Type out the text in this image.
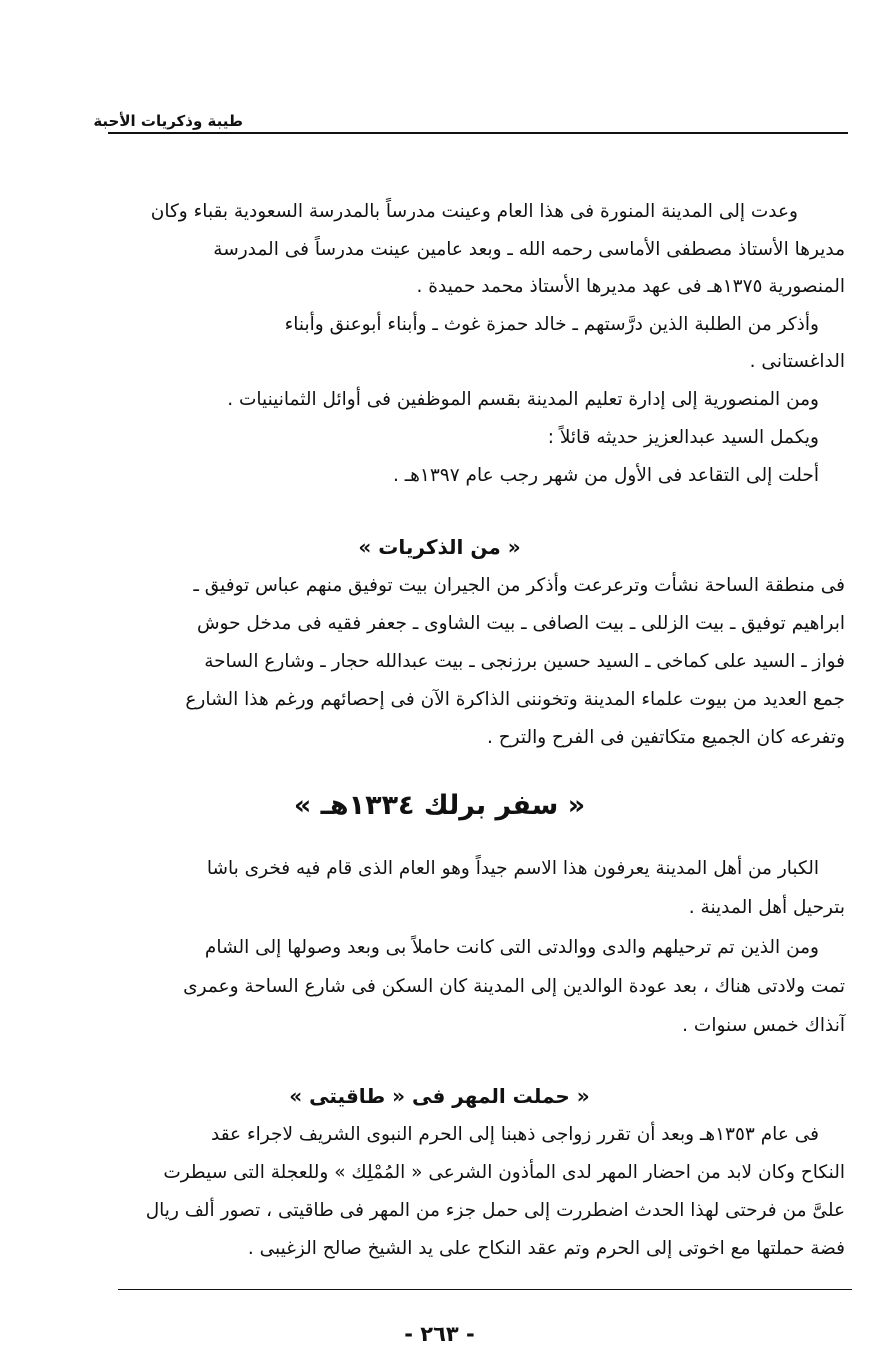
طيبة وذكريات الأحبة
وعدت إلى المدينة المنورة فى هذا العام وعينت مدرساً بالمدرسة السعودية بقباء وكان
مديرها الأستاذ مصطفى الأماسى رحمه الله ـ وبعد عامين عينت مدرساً فى المدرسة
المنصورية ١٣٧٥هـ فى عهد مديرها الأستاذ محمد حميدة .
وأذكر من الطلبة الذين درَّستهم ـ خالد حمزة غوث ـ وأبناء أبوعنق وأبناء
الداغستانى .
ومن المنصورية إلى إدارة تعليم المدينة بقسم الموظفين فى أوائل الثمانينيات .
ويكمل السيد عبدالعزيز حديثه قائلاً :
أحلت إلى التقاعد فى الأول من شهر رجب عام ١٣٩٧هـ .
« من الذكريات »
فى منطقة الساحة نشأت وترعرعت وأذكر من الجيران بيت توفيق منهم عباس توفيق ـ
ابراهيم توفيق ـ بيت الزللى ـ بيت الصافى ـ بيت الشاوى ـ جعفر فقيه فى مدخل حوش
فواز ـ السيد على كماخى ـ السيد حسين برزنجى ـ بيت عبدالله حجار ـ وشارع الساحة
جمع العديد من بيوت علماء المدينة وتخوننى الذاكرة الآن فى إحصائهم ورغم هذا الشارع
وتفرعه كان الجميع متكاتفين فى الفرح والترح .
« سفر برلك ١٣٣٤هـ »
الكبار من أهل المدينة يعرفون هذا الاسم جيداً وهو العام الذى قام فيه فخرى باشا
بترحيل أهل المدينة .
ومن الذين تم ترحيلهم والدى ووالدتى التى كانت حاملاً بى وبعد وصولها إلى الشام
تمت ولادتى هناك ، بعد عودة الوالدين إلى المدينة كان السكن فى شارع الساحة وعمرى
آنذاك خمس سنوات .
« حملت المهر فى « طاقيتى »
فى عام ١٣٥٣هـ وبعد أن تقرر زواجى ذهبنا إلى الحرم النبوى الشريف لاجراء عقد
النكاح وكان لابد من احضار المهر لدى المأذون الشرعى « المُمْلِك » وللعجلة التى سيطرت
علىَّ من فرحتى لهذا الحدث اضطررت إلى حمل جزء من المهر فى طاقيتى ، تصور ألف ريال
فضة حملتها مع اخوتى إلى الحرم وتم عقد النكاح على يد الشيخ صالح الزغيبى .
- ٢٦٣ -
